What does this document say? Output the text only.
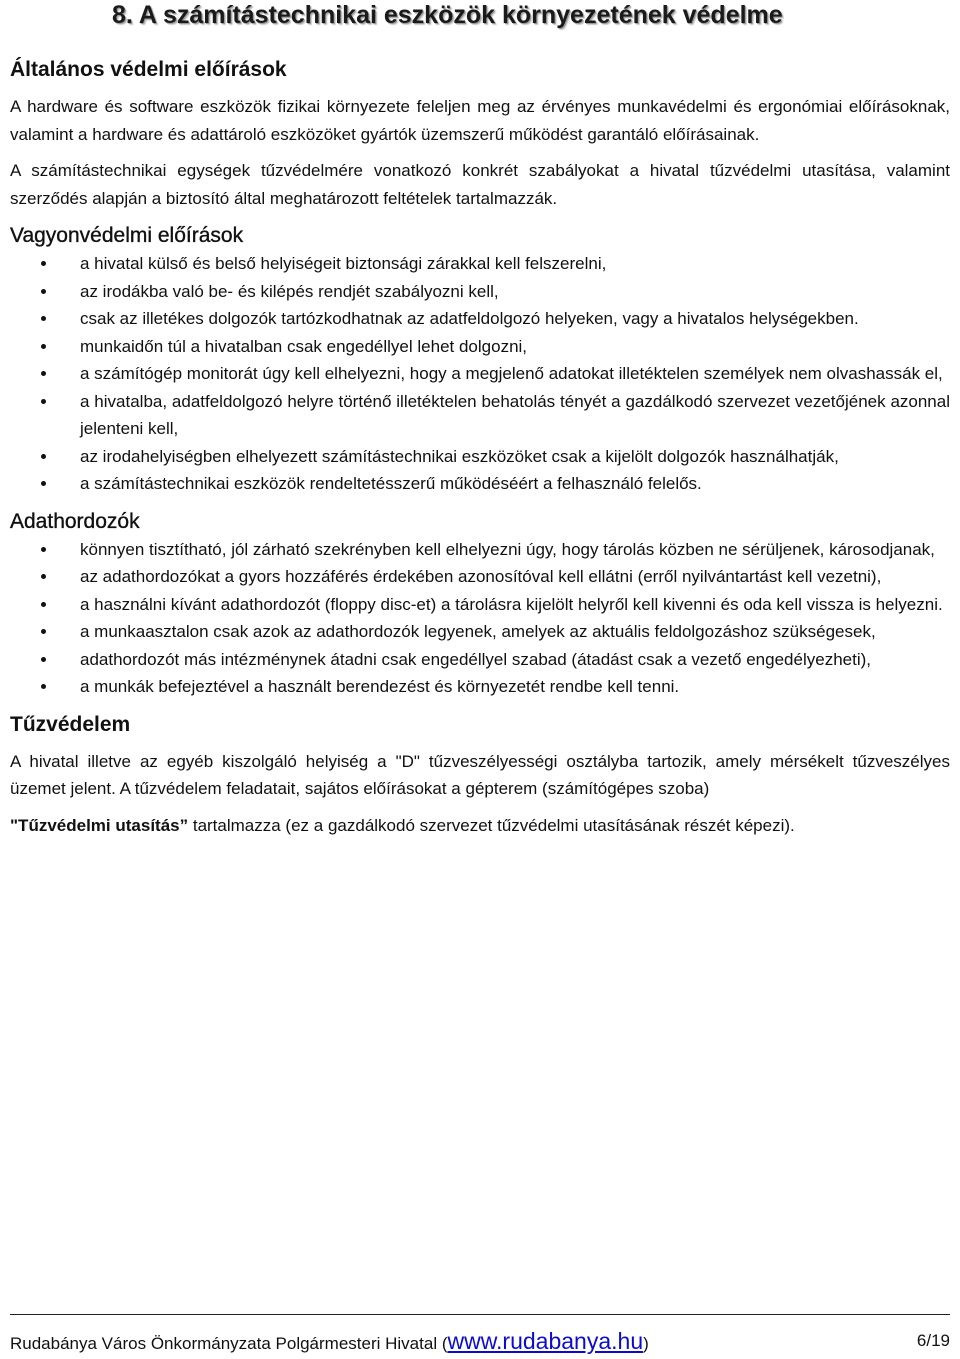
8. A számítástechnikai eszközök környezetének védelme
Általános védelmi előírások

A hardware és software eszközök fizikai környezete feleljen meg az érvényes munkavédelmi és ergonómiai előírásoknak, valamint a hardware és adattároló eszközöket gyártók üzemszerű működést garantáló előírásainak.

A számítástechnikai egységek tűzvédelmére vonatkozó konkrét szabályokat a hivatal tűzvédelmi utasítása, valamint szerződés alapján a biztosító által meghatározott feltételek tartalmazzák.

Vagyonvédelmi előírások
a hivatal külső és belső helyiségeit biztonsági zárakkal kell felszerelni,
az irodákba való be- és kilépés rendjét szabályozni kell,
csak az illetékes dolgozók tartózkodhatnak az adatfeldolgozó helyeken, vagy a hivatalos helységekben.
munkaidőn túl a hivatalban csak engedéllyel lehet dolgozni,
a számítógép monitorát úgy kell elhelyezni, hogy a megjelenő adatokat illetéktelen személyek nem olvashassák el,
a hivatalba, adatfeldolgozó helyre történő illetéktelen behatolás tényét a gazdálkodó szervezet vezetőjének azonnal jelenteni kell,
az irodahelyiségben elhelyezett számítástechnikai eszközöket csak a kijelölt dolgozók használhatják,
a számítástechnikai eszközök rendeltetésszerű működéséért a felhasználó felelős.
Adathordozók
könnyen tisztítható, jól zárható szekrényben kell elhelyezni úgy, hogy tárolás közben ne sérüljenek, károsodjanak,
az adathordozókat a gyors hozzáférés érdekében azonosítóval kell ellátni (erről nyilvántartást kell vezetni),
a használni kívánt adathordozót (floppy disc-et) a tárolásra kijelölt helyről kell kivenni és oda kell vissza is helyezni.
a munkaasztalon csak azok az adathordozók legyenek, amelyek az aktuális feldolgozáshoz szükségesek,
adathordozót más intézménynek átadni csak engedéllyel szabad (átadást csak a vezető engedélyezheti),
a munkák befejeztével a használt berendezést és környezetét rendbe kell tenni.
Tűzvédelem

A hivatal illetve az egyéb kiszolgáló helyiség a "D" tűzveszélyességi osztályba tartozik, amely mérsékelt tűzveszélyes üzemet jelent. A tűzvédelem feladatait, sajátos előírásokat a gépterem (számítógépes szoba)

"Tűzvédelmi utasítás” tartalmazza (ez a gazdálkodó szervezet tűzvédelmi utasításának részét képezi).

Rudabánya Város Önkormányzata Polgármesteri Hivatal (www.rudabanya.hu)	6/19
